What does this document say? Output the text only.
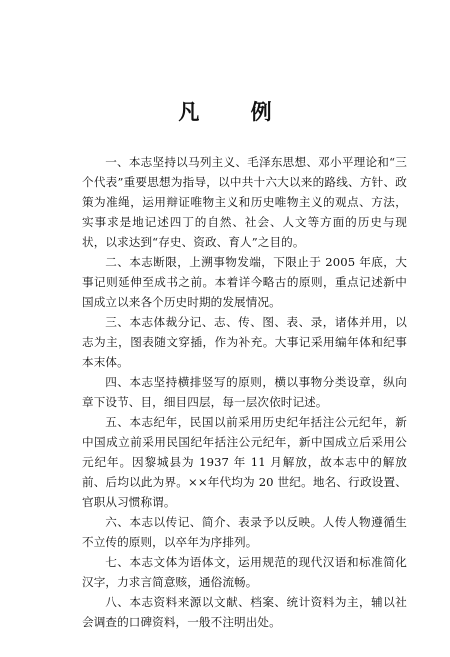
凡 例

一、本志坚持以马列主义、毛泽东思想、邓小平理论和“三个代表”重要思想为指导，以中共十六大以来的路线、方针、政策为准绳，运用辩证唯物主义和历史唯物主义的观点、方法，实事求是地记述四丁的自然、社会、人文等方面的历史与现状，以求达到“存史、资政、育人”之目的。

二、本志断限，上溯事物发端，下限止于 2005 年底，大事记则延伸至成书之前。本着详今略古的原则，重点记述新中国成立以来各个历史时期的发展情况。

三、本志体裁分记、志、传、图、表、录，诸体并用，以志为主，图表随文穿插，作为补充。大事记采用编年体和纪事本末体。

四、本志坚持横排竖写的原则，横以事物分类设章，纵向章下设节、目，细目四层，每一层次依时记述。

五、本志纪年，民国以前采用历史纪年括注公元纪年，新中国成立前采用民国纪年括注公元纪年，新中国成立后采用公元纪年。因黎城县为 1937 年 11 月解放，故本志中的解放前、后均以此为界。××年代均为 20 世纪。地名、行政设置、官职从习惯称谓。

六、本志以传记、简介、表录予以反映。人传人物遵循生不立传的原则，以卒年为序排列。

七、本志文体为语体文，运用规范的现代汉语和标准简化汉字，力求言简意赅，通俗流畅。

八、本志资料来源以文献、档案、统计资料为主，辅以社会调查的口碑资料，一般不注明出处。
